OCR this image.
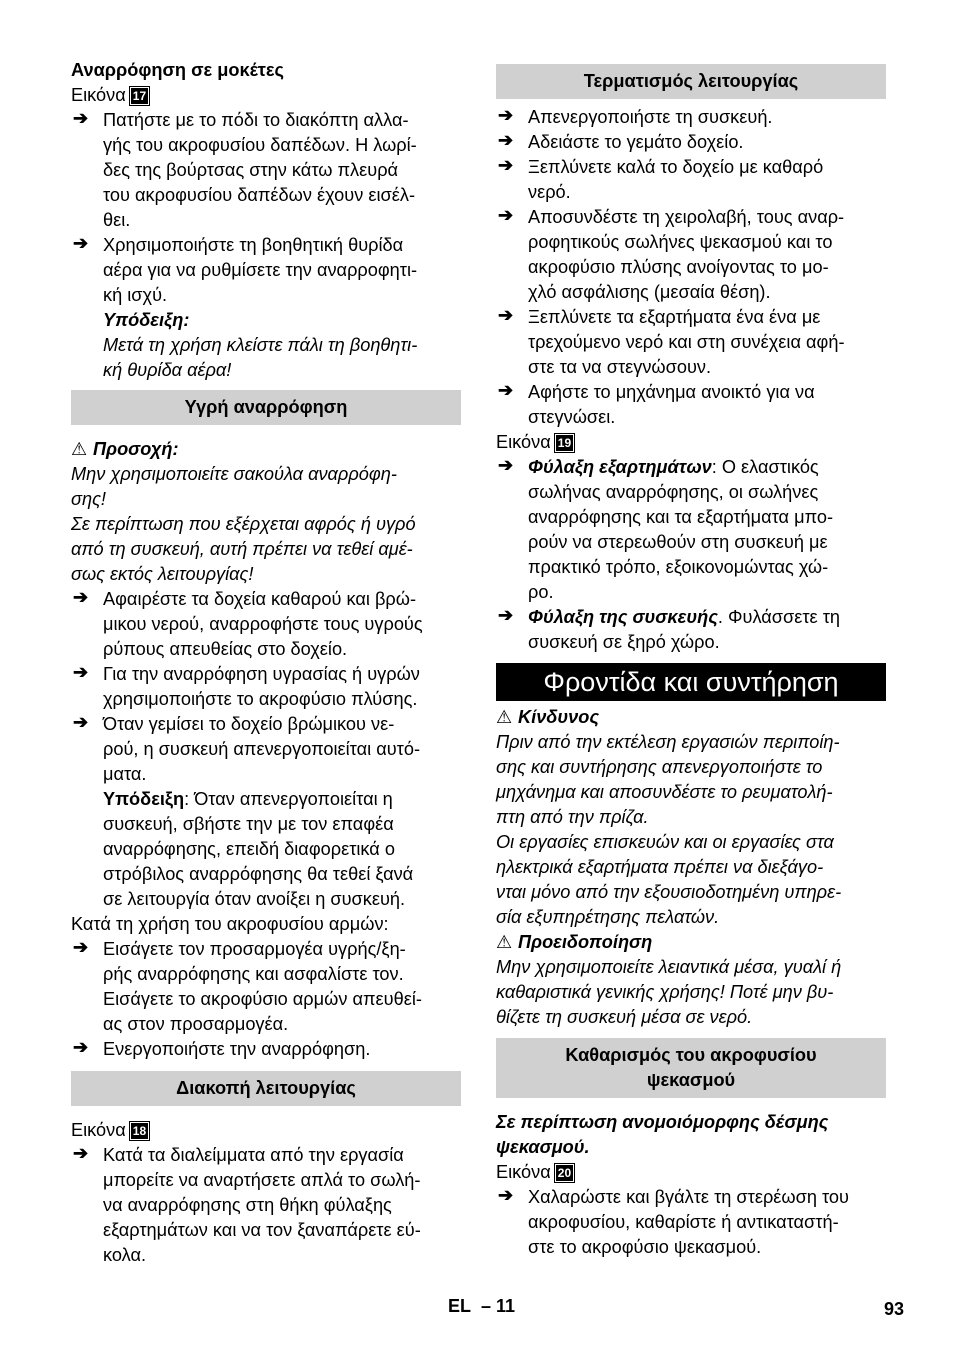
Αναρρόφηση σε μοκέτες

Εικόνα 17

➔ Πατήστε με το πόδι το διακόπτη αλλα-

γής του ακροφυσίου δαπέδων. Η λωρί-

δες της βούρτσας στην κάτω πλευρά

του ακροφυσίου δαπέδων έχουν εισέλ-

θει.

➔ Χρησιμοποιήστε τη βοηθητική θυρίδα

αέρα για να ρυθμίσετε την αναρροφητι-

κή ισχύ.

Υπόδειξη:

Μετά τη χρήση κλείστε πάλι τη βοηθητι-

κή θυρίδα αέρα!

Υγρή αναρρόφηση

⚠ Προσοχή:

Μην χρησιμοποιείτε σακούλα αναρρόφη-

σης!

Σε περίπτωση που εξέρχεται αφρός ή υγρό

από τη συσκευή, αυτή πρέπει να τεθεί αμέ-

σως εκτός λειτουργίας!

➔ Αφαιρέστε τα δοχεία καθαρού και βρώ-

μικου νερού, αναρροφήστε τους υγρούς

ρύπους απευθείας στο δοχείο.

➔ Για την αναρρόφηση υγρασίας ή υγρών

χρησιμοποιήστε το ακροφύσιο πλύσης.

➔ Όταν γεμίσει το δοχείο βρώμικου νε-

ρού, η συσκευή απενεργοποιείται αυτό-

ματα.

Υπόδειξη: Όταν απενεργοποιείται η

συσκευή, σβήστε την με τον επαφέα

αναρρόφησης, επειδή διαφορετικά ο

στρόβιλος αναρρόφησης θα τεθεί ξανά

σε λειτουργία όταν ανοίξει η συσκευή.

Κατά τη χρήση του ακροφυσίου αρμών:

➔ Εισάγετε τον προσαρμογέα υγρής/ξη-

ρής αναρρόφησης και ασφαλίστε τον.

Εισάγετε το ακροφύσιο αρμών απευθεί-

ας στον προσαρμογέα.

➔ Ενεργοποιήστε την αναρρόφηση.

Διακοπή λειτουργίας

Εικόνα 18

➔ Κατά τα διαλείμματα από την εργασία

μπορείτε να αναρτήσετε απλά το σωλή-

να αναρρόφησης στη θήκη φύλαξης

εξαρτημάτων και να τον ξαναπάρετε εύ-

κολα.

Τερματισμός λειτουργίας
➔ Απενεργοποιήστε τη συσκευή.

➔ Αδειάστε το γεμάτο δοχείο.

➔ Ξεπλύνετε καλά το δοχείο με καθαρό

νερό.

➔ Αποσυνδέστε τη χειρολαβή, τους αναρ-

ροφητικούς σωλήνες ψεκασμού και το

ακροφύσιο πλύσης ανοίγοντας το μο-

χλό ασφάλισης (μεσαία θέση).

➔ Ξεπλύνετε τα εξαρτήματα ένα ένα με

τρεχούμενο νερό και στη συνέχεια αφή-

στε τα να στεγνώσουν.

➔ Αφήστε το μηχάνημα ανοικτό για να

στεγνώσει.

Εικόνα 19

➔ Φύλαξη εξαρτημάτων: Ο ελαστικός

σωλήνας αναρρόφησης, οι σωλήνες

αναρρόφησης και τα εξαρτήματα μπο-

ρούν να στερεωθούν στη συσκευή με

πρακτικό τρόπο, εξοικονομώντας χώ-

ρο.

➔ Φύλαξη της συσκευής. Φυλάσσετε τη

συσκευή σε ξηρό χώρο.

Φροντίδα και συντήρηση

⚠ Κίνδυνος

Πριν από την εκτέλεση εργασιών περιποίη-

σης και συντήρησης απενεργοποιήστε το

μηχάνημα και αποσυνδέστε το ρευματολή-

πτη από την πρίζα.

Οι εργασίες επισκευών και οι εργασίες στα

ηλεκτρικά εξαρτήματα πρέπει να διεξάγο-

νται μόνο από την εξουσιοδοτημένη υπηρε-

σία εξυπηρέτησης πελατών.

⚠ Προειδοποίηση

Μην χρησιμοποιείτε λειαντικά μέσα, γυαλί ή

καθαριστικά γενικής χρήσης! Ποτέ μην βυ-

θίζετε τη συσκευή μέσα σε νερό.

Καθαρισμός του ακροφυσίου
ψεκασμού

Σε περίπτωση ανομοιόμορφης δέσμης

ψεκασμού.

Εικόνα 20

➔ Χαλαρώστε και βγάλτε τη στερέωση του

ακροφυσίου, καθαρίστε ή αντικαταστή-

στε το ακροφύσιο ψεκασμού.

EL – 11	93
